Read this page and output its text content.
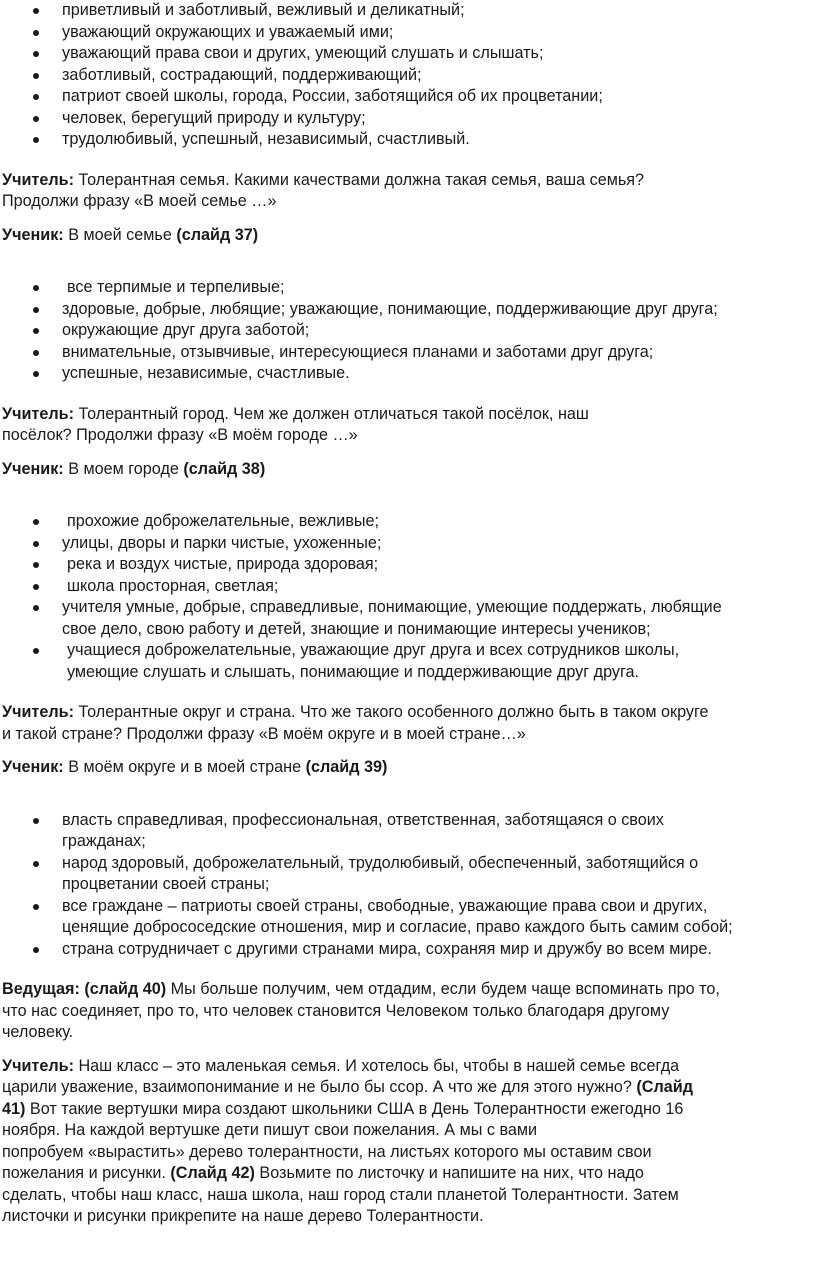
приветливый и заботливый, вежливый и деликатный;
уважающий окружающих и уважаемый ими;
уважающий права свои и других, умеющий слушать и слышать;
заботливый, сострадающий, поддерживающий;
патриот своей школы, города, России, заботящийся об их процветании;
человек, берегущий природу и культуру;
трудолюбивый, успешный, независимый, счастливый.

Учитель: Толерантная семья. Какими качествами должна такая семья, ваша семья?
Продолжи фразу «В моей семье …»

Ученик: В моей семье (слайд 37)

все терпимые и терпеливые;
здоровые, добрые, любящие; уважающие, понимающие, поддерживающие друг друга;
окружающие друг друга заботой;
внимательные, отзывчивые, интересующиеся планами и заботами друг друга;
успешные, независимые, счастливые.

Учитель: Толерантный город. Чем же должен отличаться такой посёлок, наш
посёлок? Продолжи фразу «В моём городе …»

Ученик: В моем городе (слайд 38)

прохожие доброжелательные, вежливые;
улицы, дворы и парки чистые, ухоженные;
река и воздух чистые, природа здоровая;
школа просторная, светлая;
учителя умные, добрые, справедливые, понимающие, умеющие поддержать, любящие свое дело, свою работу и детей, знающие и понимающие интересы учеников;
учащиеся доброжелательные, уважающие друг друга и всех сотрудников школы, умеющие слушать и слышать, понимающие и поддерживающие друг друга.

Учитель: Толерантные округ и страна. Что же такого особенного должно быть в таком округе
и такой стране? Продолжи фразу «В моём округе и в моей стране…»

Ученик: В моём округе и в моей стране (слайд 39)

власть справедливая, профессиональная, ответственная, заботящаяся о своих гражданах;
народ здоровый, доброжелательный, трудолюбивый, обеспеченный, заботящийся о процветании своей страны;
все граждане – патриоты своей страны, свободные, уважающие права свои и других, ценящие добрососедские отношения, мир и согласие, право каждого быть самим собой;
страна сотрудничает с другими странами мира, сохраняя мир и дружбу во всем мире.

Ведущая: (слайд 40) Мы больше получим, чем отдадим, если будем чаще вспоминать про то,
что нас соединяет, про то, что человек становится Человеком только благодаря другому
человеку.

Учитель: Наш класс – это маленькая семья. И хотелось бы, чтобы в нашей семье всегда
царили уважение, взаимопонимание и не было бы ссор. А что же для этого нужно? (Слайд
41) Вот такие вертушки мира создают школьники США в День Толерантности ежегодно 16
ноября. На каждой вертушке дети пишут свои пожелания. А мы с вами
попробуем «вырастить» дерево толерантности, на листьях которого мы оставим свои
пожелания и рисунки. (Слайд 42) Возьмите по листочку и напишите на них, что надо
сделать, чтобы наш класс, наша школа, наш город стали планетой Толерантности. Затем
листочки и рисунки прикрепите на наше дерево Толерантности.
